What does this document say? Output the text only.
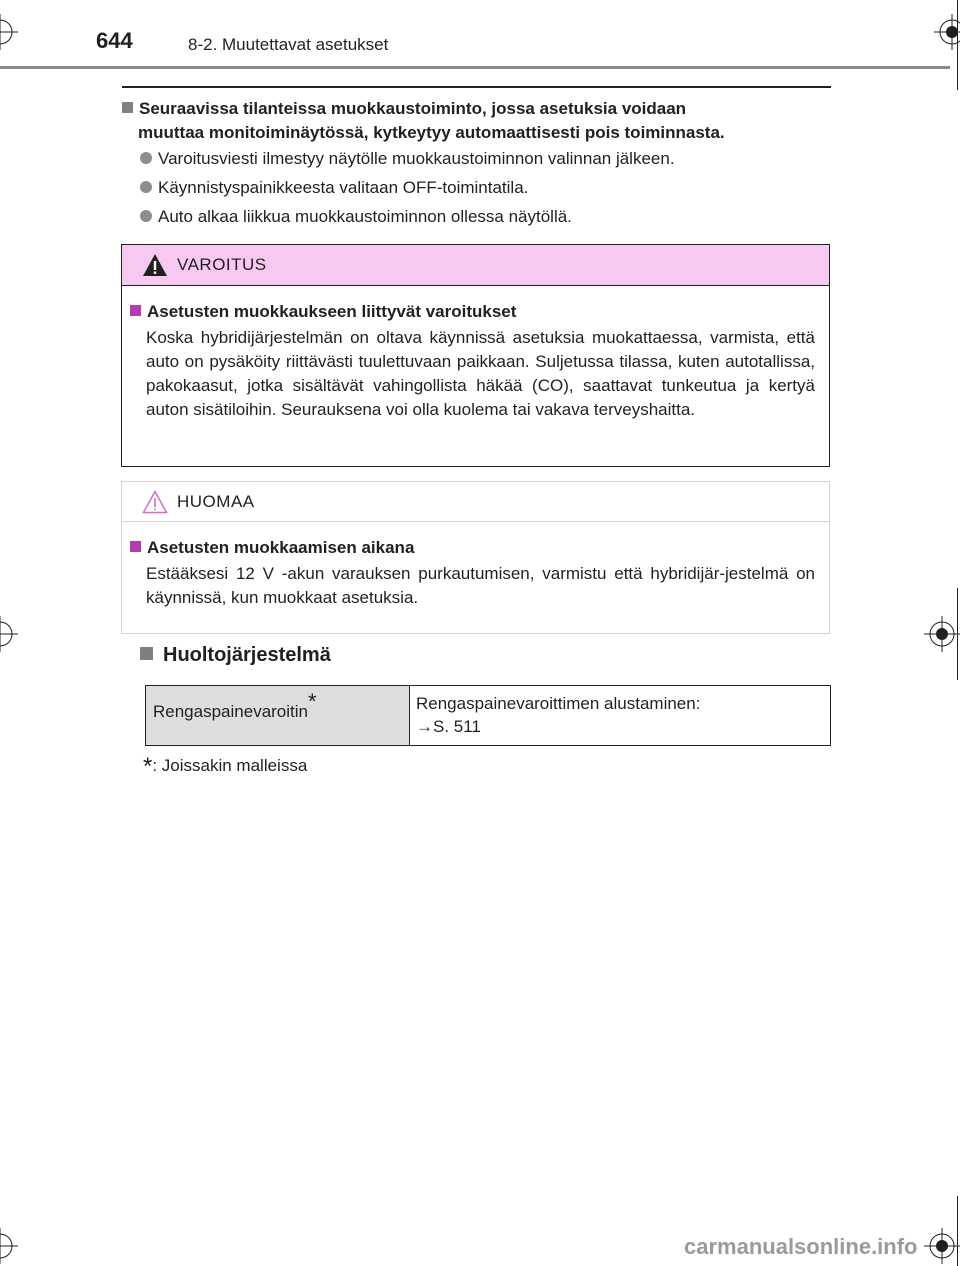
644	8-2. Muutettavat asetukset
Seuraavissa tilanteissa muokkaustoiminto, jossa asetuksia voidaan
muuttaa monitoiminäytössä, kytkeytyy automaattisesti pois toiminnasta.
Varoitusviesti ilmestyy näytölle muokkaustoiminnon valinnan jälkeen.
Käynnistyspainikkeesta valitaan OFF-toimintatila.
Auto alkaa liikkua muokkaustoiminnon ollessa näytöllä.
VAROITUS
Asetusten muokkaukseen liittyvät varoitukset
Koska hybridijärjestelmän on oltava käynnissä asetuksia muokattaessa, varmista, että auto on pysäköity riittävästi tuulettuvaan paikkaan. Suljetussa tilassa, kuten autotallissa, pakokaasut, jotka sisältävät vahingollista häkää (CO), saattavat tunkeutua ja kertyä auton sisätiloihin. Seurauksena voi olla kuolema tai vakava terveyshaitta.
HUOMAA
Asetusten muokkaamisen aikana
Estääksesi 12 V -akun varauksen purkautumisen, varmistu että hybridijär-jestelmä on käynnissä, kun muokkaat asetuksia.
Huoltojärjestelmä
Rengaspainevaroitin*	Rengaspainevaroittimen alustaminen:
→S. 511
*: Joissakin malleissa
carmanualsonline.info
